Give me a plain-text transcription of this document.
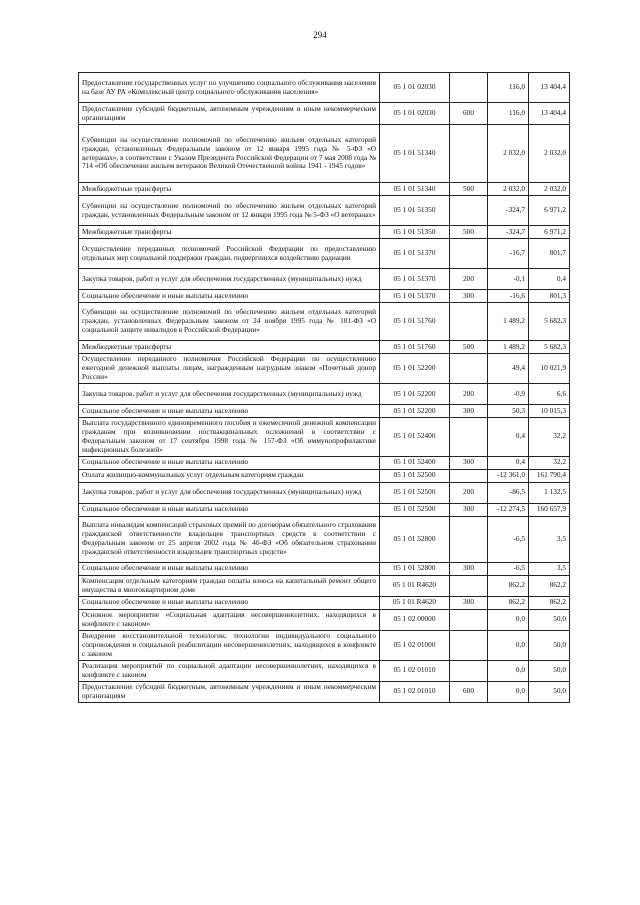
294
Предоставление государственных услуг по улучшению социального обслуживания населения на базе АУ РА «Комплексный центр социального обслуживания населения»	05 1 01 02030		116,0	13 404,4
Предоставление субсидий бюджетным, автономным учреждениям и иным некоммерческим организациям	05 1 01 02030	600	116,0	13 404,4
Субвенции на осуществление полномочий по обеспечению жильем отдельных категорий граждан, установленных Федеральным законом от 12 января 1995 года № 5-ФЗ «О ветеранах», в соответствии с Указом Президента Российской Федерации от 7 мая 2008 года № 714 «Об обеспечении жильем ветеранов Великой Отечественной войны 1941 - 1945 годов»	05 1 01 51340		2 032,0	2 032,0
Межбюджетные трансферты	05 1 01 51340	500	2 032,0	2 032,0
Субвенции на осуществление полномочий по обеспечению жильем отдельных категорий граждан, установленных Федеральным законом от 12 января 1995 года № 5-ФЗ «О ветеранах»	05 1 01 51350		-324,7	6 971,2
Межбюджетные трансферты	05 1 01 51350	500	-324,7	6 971,2
Осуществление переданных полномочий Российской Федерации по предоставлению отдельных мер социальной поддержки граждан, подвергшихся воздействию радиации	05 1 01 51370		-16,7	801,7
Закупка товаров, работ и услуг для обеспечения государственных (муниципальных) нужд	05 1 01 51370	200	-0,1	0,4
Социальное обеспечение и иные выплаты населению	05 1 01 51370	300	-16,6	801,3
Субвенции на осуществление полномочий по обеспечению жильем отдельных категорий граждан, установленных Федеральным законом от 24 ноября 1995 года № 181-ФЗ «О социальной защите инвалидов в Российской Федерации»	05 1 01 51760		1 489,2	5 682,3
Межбюджетные трансферты	05 1 01 51760	500	1 489,2	5 682,3
Осуществление переданного полномочия Российской Федерации по осуществлению ежегодной денежной выплаты лицам, награжденным нагрудным знаком «Почетный донор России»	05 1 01 52200		49,4	10 021,9
Закупка товаров, работ и услуг для обеспечения государственных (муниципальных) нужд	05 1 01 52200	200	-0,9	6,6
Социальное обеспечение и иные выплаты населению	05 1 01 52200	300	50,3	10 015,3
Выплата государственного единовременного пособия и ежемесячной денежной компенсации гражданам при возникновении поствакцинальных осложнений в соответствии с Федеральным законом от 17 сентября 1998 года № 157-ФЗ «Об иммунопрофилактике инфекционных болезней»	05 1 01 52400		0,4	32,2
Социальное обеспечение и иные выплаты населению	05 1 01 52400	300	0,4	32,2
Оплата жилищно-коммунальных услуг отдельным категориям граждан	05 1 01 52500		-12 361,0	161 790,4
Закупка товаров, работ и услуг для обеспечения государственных (муниципальных) нужд	05 1 01 52500	200	-86,5	1 132,5
Социальное обеспечение и иные выплаты населению	05 1 01 52500	300	-12 274,5	160 657,9
Выплата инвалидам компенсаций страховых премий по договорам обязательного страхования гражданской ответственности владельцев транспортных средств в соответствии с Федеральным законом от 25 апреля 2002 года № 40-ФЗ «Об обязательном страховании гражданской ответственности владельцев транспортных средств»	05 1 01 52800		-6,5	3,5
Социальное обеспечение и иные выплаты населению	05 1 01 52800	300	-6,5	3,5
Компенсация отдельным категориям граждан оплаты взноса на капитальный ремонт общего имущества в многоквартирном доме	05 1 01 R4620		862,2	862,2
Социальное обеспечение и иные выплаты населению	05 1 01 R4620	300	862,2	862,2
Основное мероприятие «Социальная адаптация несовершеннолетних, находящихся в конфликте с законом»	05 1 02 00000		0,0	50,0
Внедрение восстановительной технологии, технологии индивидуального социального сопровождения и социальной реабилитации несовершеннолетних, находящихся в конфликте с законом	05 1 02 01000		0,0	50,0
Реализация мероприятий по социальной адаптации несовершеннолетних, находящихся в конфликте с законом	05 1 02 01010		0,0	50,0
Предоставление субсидий бюджетным, автономным учреждениям и иным некоммерческим организациям	05 1 02 01010	600	0,0	50,0
